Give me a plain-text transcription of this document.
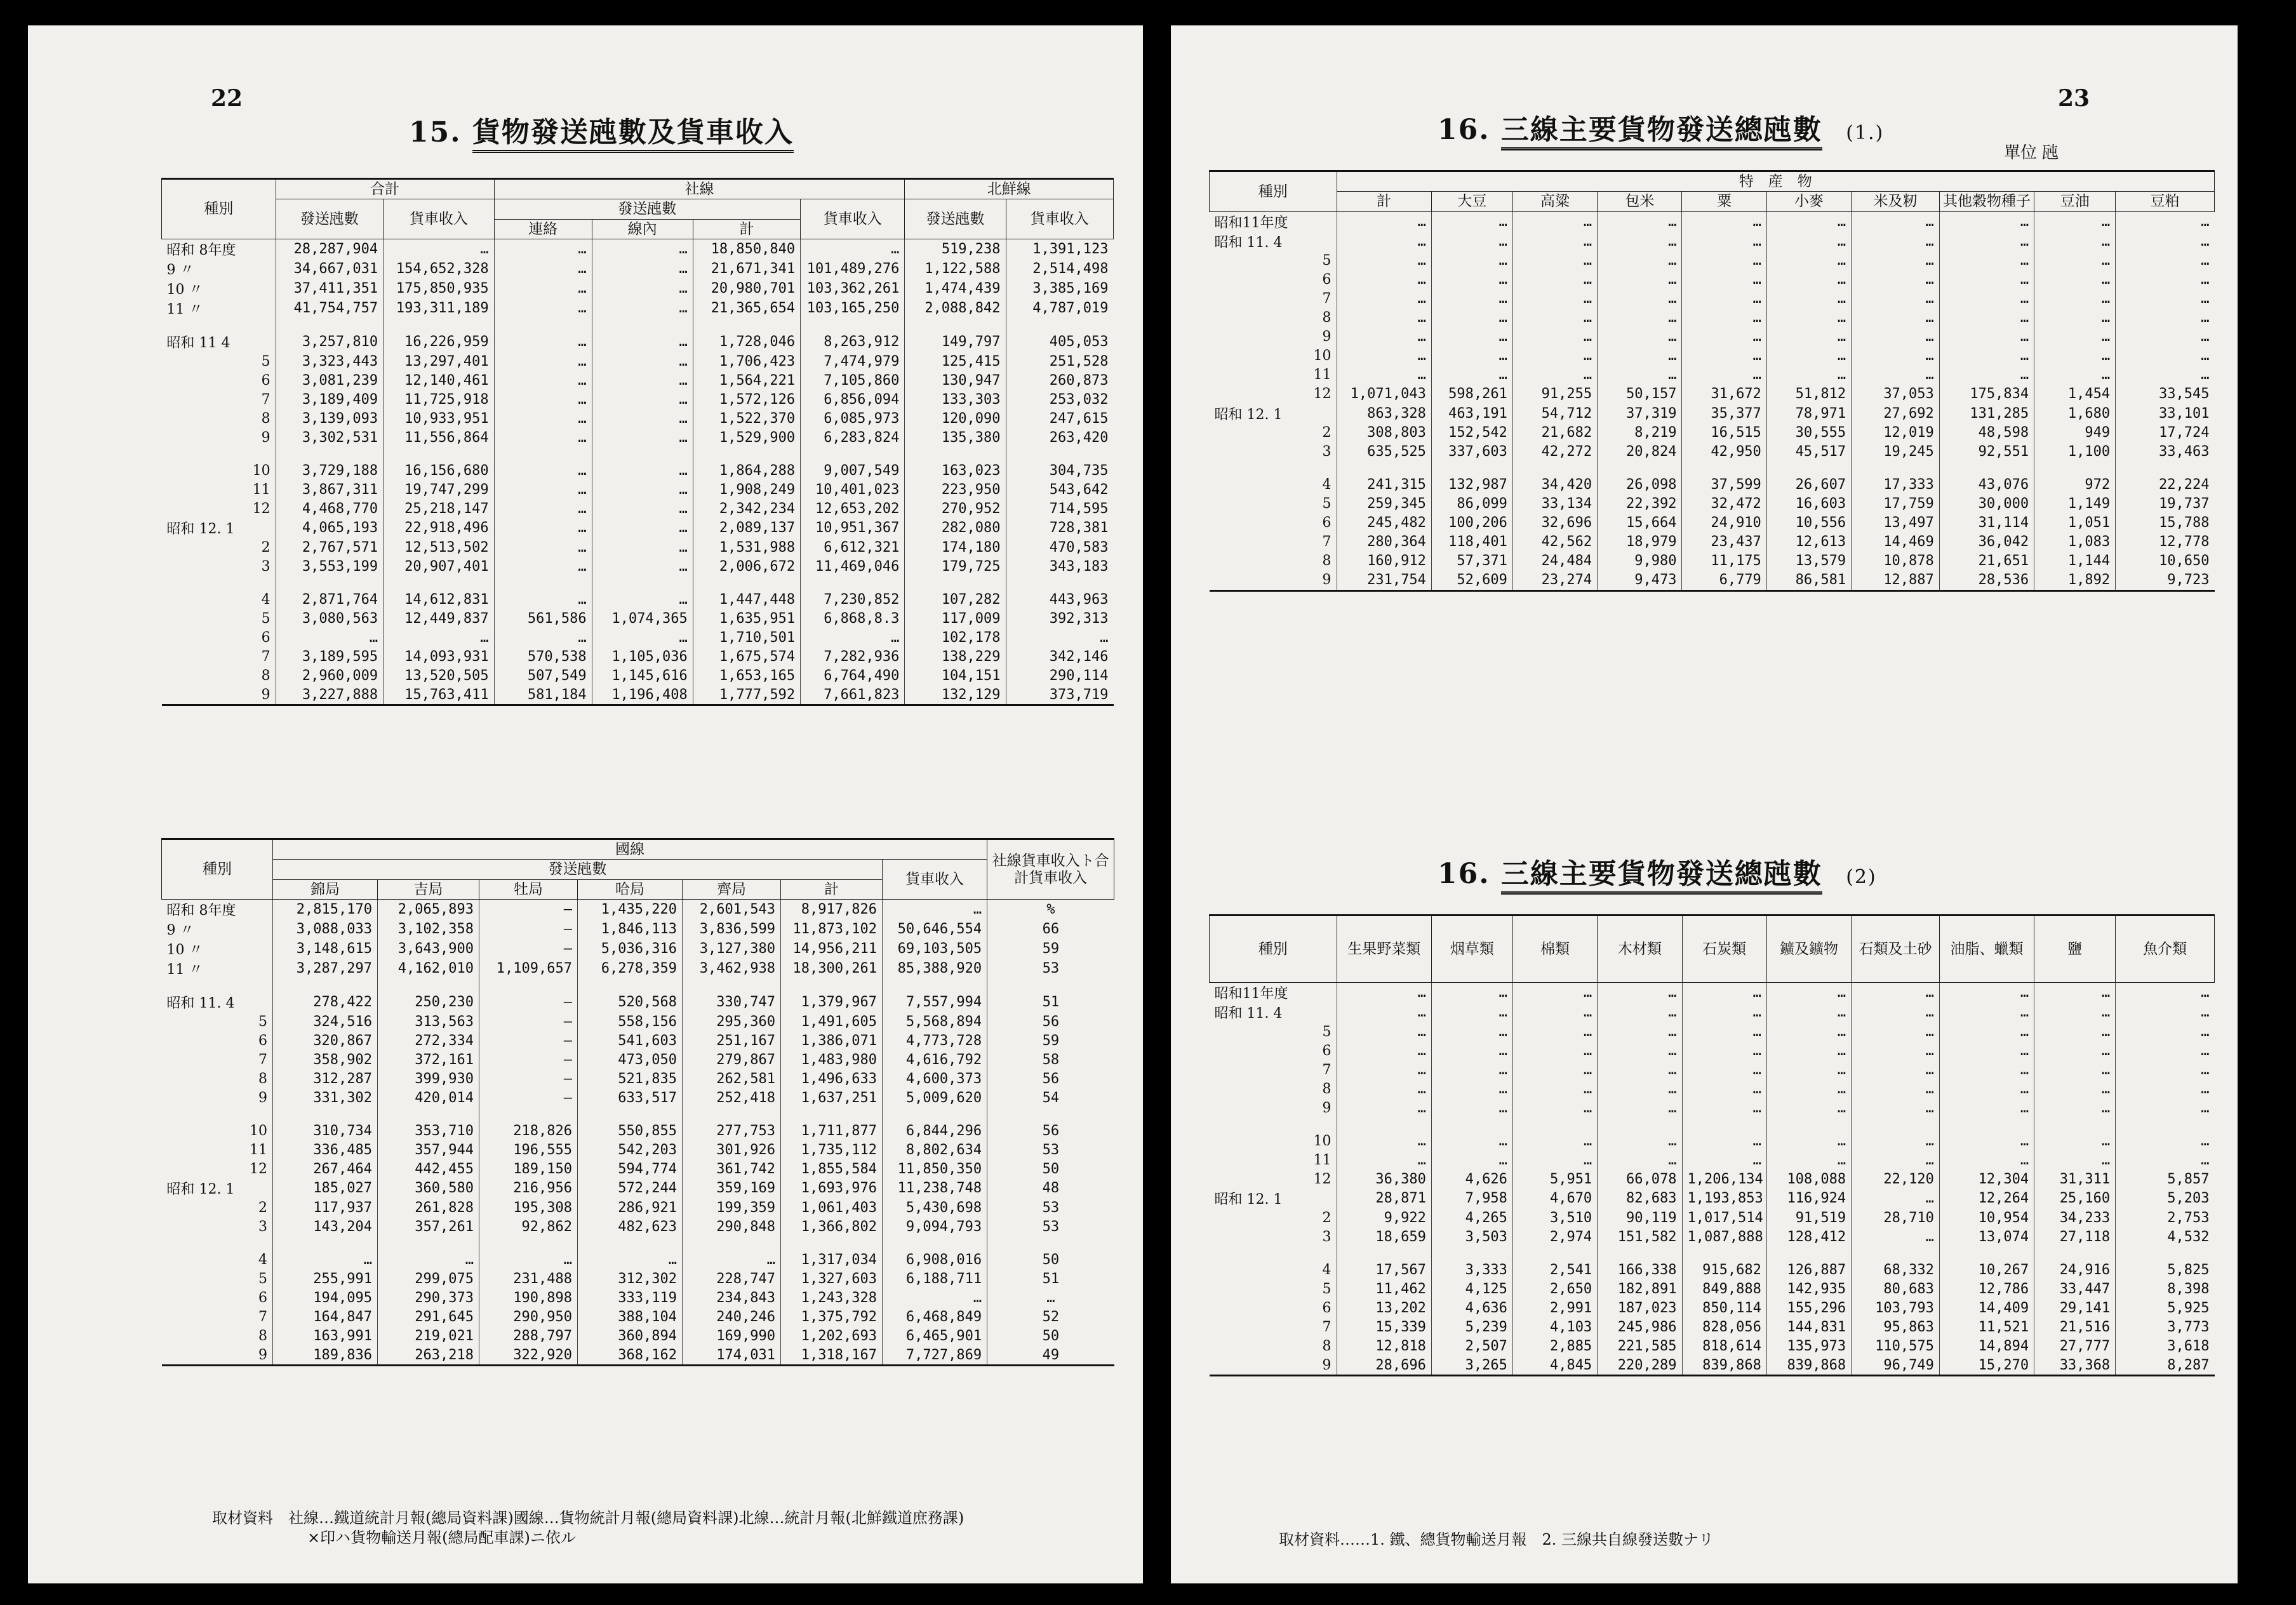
22
15. 貨物發送瓲數及貨車收入
種別	合計		社線				北鮮線	
	發送瓲數	貨車收入	發送瓲數			貨車收入	發送瓲數	貨車收入
			連絡	線內	計			
昭和 8年度	28,287,904	…	…	…	18,850,840	…	519,238	1,391,123
9 〃	34,667,031	154,652,328	…	…	21,671,341	101,489,276	1,122,588	2,514,498
10 〃	37,411,351	175,850,935	…	…	20,980,701	103,362,261	1,474,439	3,385,169
11 〃	41,754,757	193,311,189	…	…	21,365,654	103,165,250	2,088,842	4,787,019

昭和 11 4	3,257,810	16,226,959	…	…	1,728,046	8,263,912	149,797	405,053
5	3,323,443	13,297,401	…	…	1,706,423	7,474,979	125,415	251,528
6	3,081,239	12,140,461	…	…	1,564,221	7,105,860	130,947	260,873
7	3,189,409	11,725,918	…	…	1,572,126	6,856,094	133,303	253,032
8	3,139,093	10,933,951	…	…	1,522,370	6,085,973	120,090	247,615
9	3,302,531	11,556,864	…	…	1,529,900	6,283,824	135,380	263,420

10	3,729,188	16,156,680	…	…	1,864,288	9,007,549	163,023	304,735
11	3,867,311	19,747,299	…	…	1,908,249	10,401,023	223,950	543,642
12	4,468,770	25,218,147	…	…	2,342,234	12,653,202	270,952	714,595
昭和 12. 1	4,065,193	22,918,496	…	…	2,089,137	10,951,367	282,080	728,381
2	2,767,571	12,513,502	…	…	1,531,988	6,612,321	174,180	470,583
3	3,553,199	20,907,401	…	…	2,006,672	11,469,046	179,725	343,183

4	2,871,764	14,612,831	…	…	1,447,448	7,230,852	107,282	443,963
5	3,080,563	12,449,837	561,586	1,074,365	1,635,951	6,868,8.3	117,009	392,313
6	…	…	…	…	1,710,501	…	102,178	…
7	3,189,595	14,093,931	570,538	1,105,036	1,675,574	7,282,936	138,229	342,146
8	2,960,009	13,520,505	507,549	1,145,616	1,653,165	6,764,490	104,151	290,114
9	3,227,888	15,763,411	581,184	1,196,408	1,777,592	7,661,823	132,129	373,719
種別	國線							社線貨車收入ト合計貨車收入
	發送瓲數						貨車收入	
	錦局	吉局	牡局	哈局	齊局	計		
昭和 8年度	2,815,170	2,065,893	—	1,435,220	2,601,543	8,917,826	…	%
9 〃	3,088,033	3,102,358	—	1,846,113	3,836,599	11,873,102	50,646,554	66
10 〃	3,148,615	3,643,900	—	5,036,316	3,127,380	14,956,211	69,103,505	59
11 〃	3,287,297	4,162,010	1,109,657	6,278,359	3,462,938	18,300,261	85,388,920	53

昭和 11. 4	278,422	250,230	—	520,568	330,747	1,379,967	7,557,994	51
5	324,516	313,563	—	558,156	295,360	1,491,605	5,568,894	56
6	320,867	272,334	—	541,603	251,167	1,386,071	4,773,728	59
7	358,902	372,161	—	473,050	279,867	1,483,980	4,616,792	58
8	312,287	399,930	—	521,835	262,581	1,496,633	4,600,373	56
9	331,302	420,014	—	633,517	252,418	1,637,251	5,009,620	54

10	310,734	353,710	218,826	550,855	277,753	1,711,877	6,844,296	56
11	336,485	357,944	196,555	542,203	301,926	1,735,112	8,802,634	53
12	267,464	442,455	189,150	594,774	361,742	1,855,584	11,850,350	50
昭和 12. 1	185,027	360,580	216,956	572,244	359,169	1,693,976	11,238,748	48
2	117,937	261,828	195,308	286,921	199,359	1,061,403	5,430,698	53
3	143,204	357,261	92,862	482,623	290,848	1,366,802	9,094,793	53

4	…	…	…	…	…	1,317,034	6,908,016	50
5	255,991	299,075	231,488	312,302	228,747	1,327,603	6,188,711	51
6	194,095	290,373	190,898	333,119	234,843	1,243,328	…	…
7	164,847	291,645	290,950	388,104	240,246	1,375,792	6,468,849	52
8	163,991	219,021	288,797	360,894	169,990	1,202,693	6,465,901	50
9	189,836	263,218	322,920	368,162	174,031	1,318,167	7,727,869	49
取材資料　社線…鐵道統計月報(總局資料課)國線…貨物統計月報(總局資料課)北線…統計月報(北鮮鐵道庶務課)
×印ハ貨物輸送月報(總局配車課)ニ依ル
23
16. 三線主要貨物發送總瓲數 (1.)
單位 瓲
種別	特　産　物									
	計	大豆	高粱	包米	粟	小麥	米及籾	其他穀物種子	豆油	豆粕
昭和11年度	…	…	…	…	…	…	…	…	…	…
昭和 11. 4	…	…	…	…	…	…	…	…	…	…
5	…	…	…	…	…	…	…	…	…	…
6	…	…	…	…	…	…	…	…	…	…
7	…	…	…	…	…	…	…	…	…	…
8	…	…	…	…	…	…	…	…	…	…
9	…	…	…	…	…	…	…	…	…	…
10	…	…	…	…	…	…	…	…	…	…
11	…	…	…	…	…	…	…	…	…	…
12	1,071,043	598,261	91,255	50,157	31,672	51,812	37,053	175,834	1,454	33,545
昭和 12. 1	863,328	463,191	54,712	37,319	35,377	78,971	27,692	131,285	1,680	33,101
2	308,803	152,542	21,682	8,219	16,515	30,555	12,019	48,598	949	17,724
3	635,525	337,603	42,272	20,824	42,950	45,517	19,245	92,551	1,100	33,463

4	241,315	132,987	34,420	26,098	37,599	26,607	17,333	43,076	972	22,224
5	259,345	86,099	33,134	22,392	32,472	16,603	17,759	30,000	1,149	19,737
6	245,482	100,206	32,696	15,664	24,910	10,556	13,497	31,114	1,051	15,788
7	280,364	118,401	42,562	18,979	23,437	12,613	14,469	36,042	1,083	12,778
8	160,912	57,371	24,484	9,980	11,175	13,579	10,878	21,651	1,144	10,650
9	231,754	52,609	23,274	9,473	6,779	86,581	12,887	28,536	1,892	9,723
16. 三線主要貨物發送總瓲數 (2)
種別	生果野菜類	烟草類	棉類	木材類	石炭類	鑛及鑛物	石類及土砂	油脂、蠟類	鹽	魚介類
昭和11年度	…	…	…	…	…	…	…	…	…	…
昭和 11. 4	…	…	…	…	…	…	…	…	…	…
5	…	…	…	…	…	…	…	…	…	…
6	…	…	…	…	…	…	…	…	…	…
7	…	…	…	…	…	…	…	…	…	…
8	…	…	…	…	…	…	…	…	…	…
9	…	…	…	…	…	…	…	…	…	…

10	…	…	…	…	…	…	…	…	…	…
11	…	…	…	…	…	…	…	…	…	…
12	36,380	4,626	5,951	66,078	1,206,134	108,088	22,120	12,304	31,311	5,857
昭和 12. 1	28,871	7,958	4,670	82,683	1,193,853	116,924	…	12,264	25,160	5,203
2	9,922	4,265	3,510	90,119	1,017,514	91,519	28,710	10,954	34,233	2,753
3	18,659	3,503	2,974	151,582	1,087,888	128,412	…	13,074	27,118	4,532

4	17,567	3,333	2,541	166,338	915,682	126,887	68,332	10,267	24,916	5,825
5	11,462	4,125	2,650	182,891	849,888	142,935	80,683	12,786	33,447	8,398
6	13,202	4,636	2,991	187,023	850,114	155,296	103,793	14,409	29,141	5,925
7	15,339	5,239	4,103	245,986	828,056	144,831	95,863	11,521	21,516	3,773
8	12,818	2,507	2,885	221,585	818,614	135,973	110,575	14,894	27,777	3,618
9	28,696	3,265	4,845	220,289	839,868	839,868	96,749	15,270	33,368	8,287
取材資料……1. 鐵、總貨物輸送月報　2. 三線共自線發送數ナリ
